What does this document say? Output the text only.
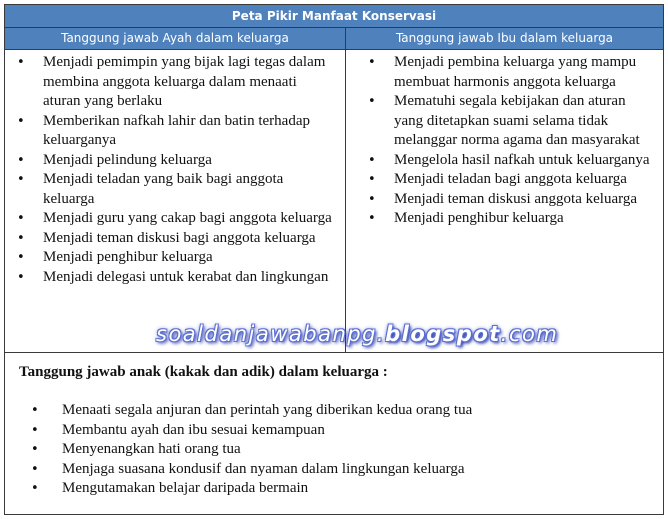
Peta Pikir Manfaat Konservasi
Tanggung jawab Ayah dalam keluarga	Tanggung jawab Ibu dalam keluarga
• Menjadi pemimpin yang bijak lagi tegas dalam membina anggota keluarga dalam menaati aturan yang berlaku
• Memberikan nafkah lahir dan batin terhadap keluarganya
• Menjadi pelindung keluarga
• Menjadi teladan yang baik bagi anggota keluarga
• Menjadi guru yang cakap bagi anggota keluarga
• Menjadi teman diskusi bagi anggota keluarga
• Menjadi penghibur keluarga
• Menjadi delegasi untuk kerabat dan lingkungan
• Menjadi pembina keluarga yang mampu membuat harmonis anggota keluarga
• Mematuhi segala kebijakan dan aturan yang ditetapkan suami selama tidak melanggar norma agama dan masyarakat
• Mengelola hasil nafkah untuk keluarganya
• Menjadi teladan bagi anggota keluarga
• Menjadi teman diskusi anggota keluarga
• Menjadi penghibur keluarga
Tanggung jawab anak (kakak dan adik) dalam keluarga :
• Menaati segala anjuran dan perintah yang diberikan kedua orang tua
• Membantu ayah dan ibu sesuai kemampuan
• Menyenangkan hati orang tua
• Menjaga suasana kondusif dan nyaman dalam lingkungan keluarga
• Mengutamakan belajar daripada bermain
soaldanjawabanpg.blogspot.com
